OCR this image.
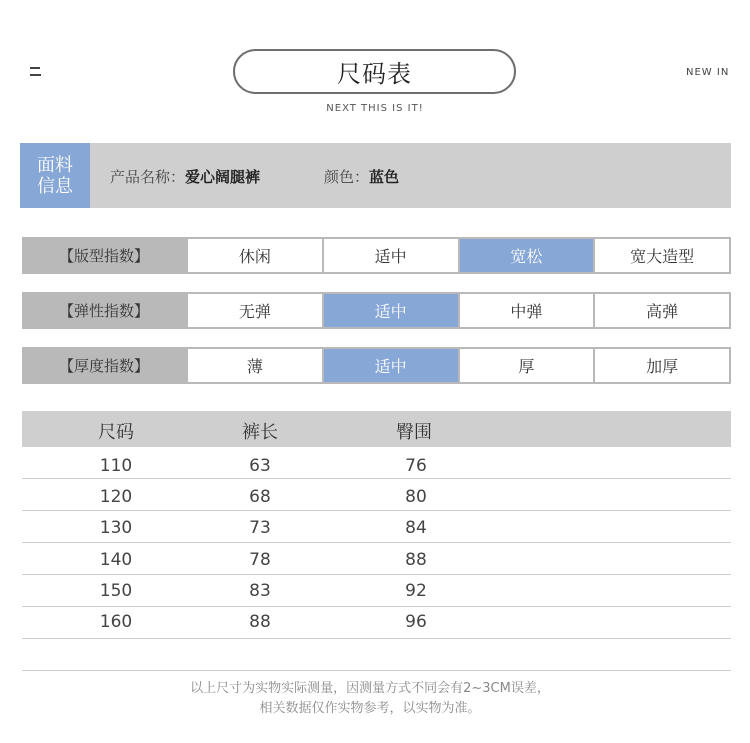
尺码表
NEXT THIS IS IT!
NEW IN
面料
信息 产品名称：爱心阔腿裤	颜色：蓝色
【版型指数】	休闲	适中	宽松	宽大造型
【弹性指数】	无弹	适中	中弹	高弹
【厚度指数】	薄	适中	厚	加厚
尺码	裤长	臀围
110	63	76
120	68	80
130	73	84
140	78	88
150	83	92
160	88	96
以上尺寸为实物实际测量，因测量方式不同会有2~3CM误差，
相关数据仅作实物参考，以实物为准。
